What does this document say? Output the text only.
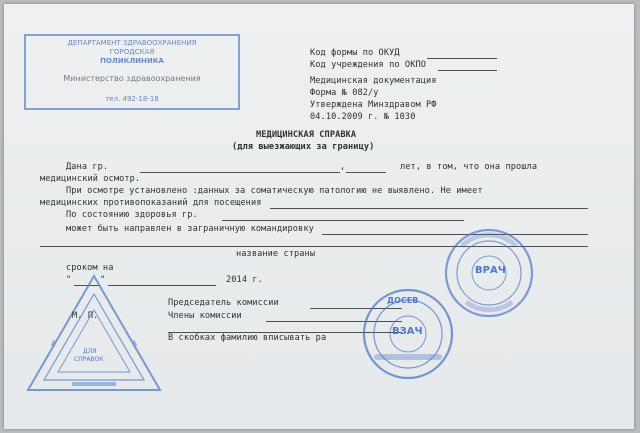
ДЕПАРТАМЕНТ ЗДРАВООХРАНЕНИЯ
ГОРОДСКАЯ
ПОЛИКЛИНИКА
Министерство здравоохранения
тел. 492-18-18
Код формы по ОКУД
Код учреждения по ОКПО
Медицинская документация
Форма № 082/у
Утверждена Минздравом РФ
04.10.2009 г. № 1030
МЕДИЦИНСКАЯ СПРАВКА
(для выезжающих за границу)
Дана гр.	,	лет, в том, что она прошла
медицинский осмотр.
При осмотре установлено :данных за соматическую патологию не выявлено. Не имеет
медицинских противопоказаний для посещения
По состоянию здоровья гр.
может быть направлен в заграничную командировку
название страны
сроком на
"	"	2014 г.
Председатель комиссии
Члены комиссии
В скобках фамилию вписывать ра
ДЛЯ
СПРАВОК
М. П.
ДОСЕВ
ВЗАЧ
ВРАЧ
